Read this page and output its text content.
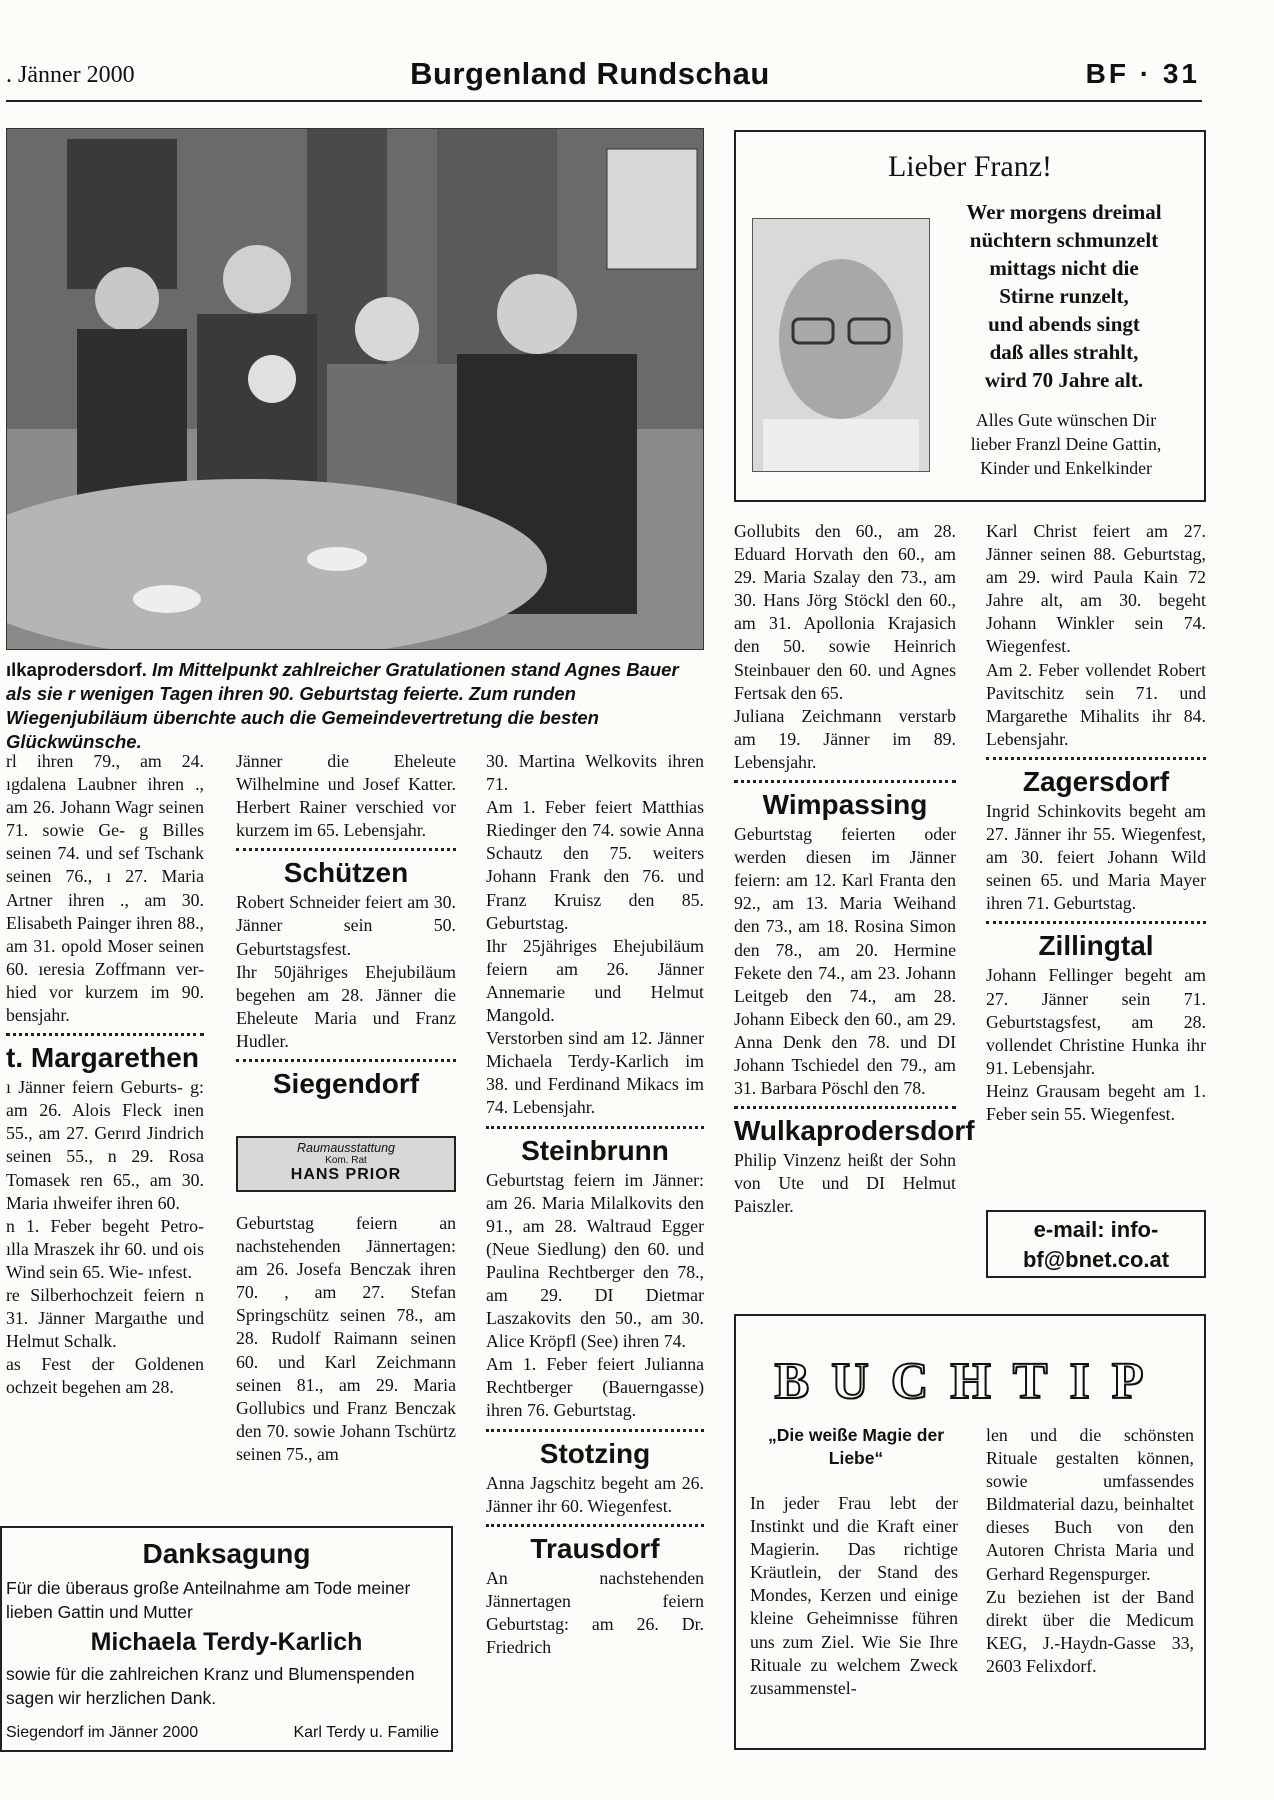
. Jänner 2000	Burgenland Rundschau	BF · 31
ılkaprodersdorf. Im Mittelpunkt zahlreicher Gratulationen stand Agnes Bauer als sie r wenigen Tagen ihren 90. Geburtstag feierte. Zum runden Wiegenjubiläum überıchte auch die Gemeindevertretung die besten Glückwünsche.

rl ihren 79., am 24. ıgdalena Laubner ihren ., am 26. Johann Wagr seinen 71. sowie Ge- g Billes seinen 74. und sef Tschank seinen 76., ı 27. Maria Artner ihren ., am 30. Elisabeth Painger ihren 88., am 31. opold Moser seinen 60. ıeresia Zoffmann ver- hied vor kurzem im 90. bensjahr.

t. Margarethen

ı Jänner feiern Geburts- g: am 26. Alois Fleck inen 55., am 27. Gerırd Jindrich seinen 55., n 29. Rosa Tomasek ren 65., am 30. Maria ıhweifer ihren 60.

n 1. Feber begeht Petro- ılla Mraszek ihr 60. und ois Wind sein 65. Wie- ınfest.

re Silberhochzeit feiern n 31. Jänner Margaıthe und Helmut Schalk.

as Fest der Goldenen ochzeit begehen am 28.

Jänner die Eheleute Wilhelmine und Josef Katter. Herbert Rainer verschied vor kurzem im 65. Lebensjahr.

Schützen

Robert Schneider feiert am 30. Jänner sein 50. Geburtstagsfest.

Ihr 50jähriges Ehejubiläum begehen am 28. Jänner die Eheleute Maria und Franz Hudler.

Siegendorf
Raumausstattung
Kom. Rat
HANS PRIOR

Geburtstag feiern an nachstehenden Jännertagen: am 26. Josefa Benczak ihren 70. , am 27. Stefan Springschütz seinen 78., am 28. Rudolf Raimann seinen 60. und Karl Zeichmann seinen 81., am 29. Maria Gollubics und Franz Benczak den 70. sowie Johann Tschürtz seinen 75., am

30. Martina Welkovits ihren 71.

Am 1. Feber feiert Matthias Riedinger den 74. sowie Anna Schautz den 75. weiters Johann Frank den 76. und Franz Kruisz den 85. Geburtstag.

Ihr 25jähriges Ehejubiläum feiern am 26. Jänner Annemarie und Helmut Mangold.

Verstorben sind am 12. Jänner Michaela Terdy-Karlich im 38. und Ferdinand Mikacs im 74. Lebensjahr.

Steinbrunn

Geburtstag feiern im Jänner: am 26. Maria Milalkovits den 91., am 28. Waltraud Egger (Neue Siedlung) den 60. und Paulina Rechtberger den 78., am 29. DI Dietmar Laszakovits den 50., am 30. Alice Kröpfl (See) ihren 74.

Am 1. Feber feiert Julianna Rechtberger (Bauerngasse) ihren 76. Geburtstag.

Stotzing

Anna Jagschitz begeht am 26. Jänner ihr 60. Wiegenfest.

Trausdorf

An nachstehenden Jännertagen feiern Geburtstag: am 26. Dr. Friedrich

Lieber Franz!
Wer morgens dreimal
nüchtern schmunzelt
mittags nicht die
Stirne runzelt,
und abends singt
daß alles strahlt,
wird 70 Jahre alt.
Alles Gute wünschen Dir
lieber Franzl Deine Gattin,
Kinder und Enkelkinder

Gollubits den 60., am 28. Eduard Horvath den 60., am 29. Maria Szalay den 73., am 30. Hans Jörg Stöckl den 60., am 31. Apollonia Krajasich den 50. sowie Heinrich Steinbauer den 60. und Agnes Fertsak den 65.

Juliana Zeichmann verstarb am 19. Jänner im 89. Lebensjahr.

Wimpassing

Geburtstag feierten oder werden diesen im Jänner feiern: am 12. Karl Franta den 92., am 13. Maria Weihand den 73., am 18. Rosina Simon den 78., am 20. Hermine Fekete den 74., am 23. Johann Leitgeb den 74., am 28. Johann Eibeck den 60., am 29. Anna Denk den 78. und DI Johann Tschiedel den 79., am 31. Barbara Pöschl den 78.

Wulkaprodersdorf

Philip Vinzenz heißt der Sohn von Ute und DI Helmut Paiszler.

Karl Christ feiert am 27. Jänner seinen 88. Geburtstag, am 29. wird Paula Kain 72 Jahre alt, am 30. begeht Johann Winkler sein 74. Wiegenfest.

Am 2. Feber vollendet Robert Pavitschitz sein 71. und Margarethe Mihalits ihr 84. Lebensjahr.

Zagersdorf

Ingrid Schinkovits begeht am 27. Jänner ihr 55. Wiegenfest, am 30. feiert Johann Wild seinen 65. und Maria Mayer ihren 71. Geburtstag.

Zillingtal

Johann Fellinger begeht am 27. Jänner sein 71. Geburtstagsfest, am 28. vollendet Christine Hunka ihr 91. Lebensjahr.

Heinz Grausam begeht am 1. Feber sein 55. Wiegenfest.

e-mail: info-
bf@bnet.co.at
Danksagung
Für die überaus große Anteilnahme am Tode meiner
lieben Gattin und Mutter
Michaela Terdy-Karlich
sowie für die zahlreichen Kranz und Blumenspenden
sagen wir herzlichen Dank.
Siegendorf im Jänner 2000	Karl Terdy u. Familie
BUCHTIP
„Die weiße Magie der Liebe“

In jeder Frau lebt der Instinkt und die Kraft einer Magierin. Das richtige Kräutlein, der Stand des Mondes, Kerzen und einige kleine Geheimnisse führen uns zum Ziel. Wie Sie Ihre Rituale zu welchem Zweck zusammenstel-

len und die schönsten Rituale gestalten können, sowie umfassendes Bildmaterial dazu, beinhaltet dieses Buch von den Autoren Christa Maria und Gerhard Regenspurger.

Zu beziehen ist der Band direkt über die Medicum KEG, J.-Haydn-Gasse 33, 2603 Felixdorf.
